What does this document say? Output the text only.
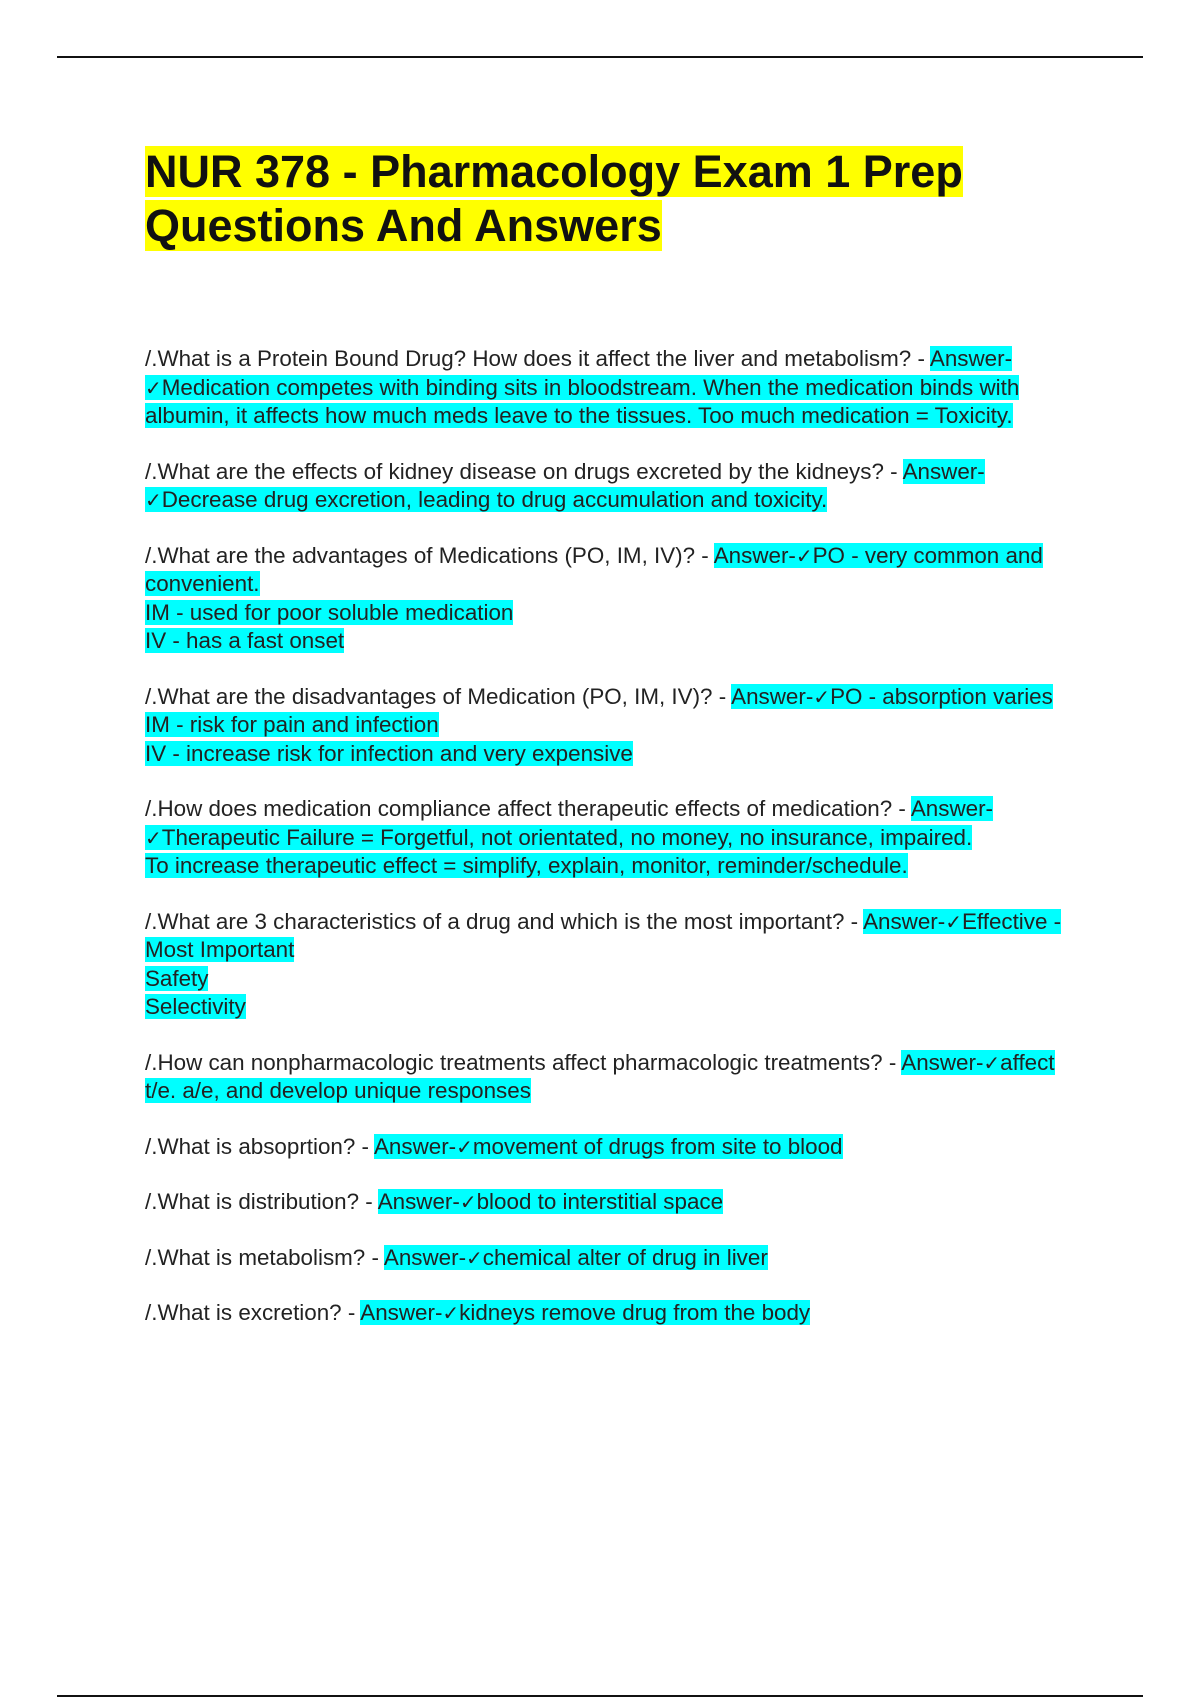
NUR 378 - Pharmacology Exam 1 Prep Questions And Answers

/.What is a Protein Bound Drug? How does it affect the liver and metabolism? - Answer-✓Medication competes with binding sits in bloodstream. When the medication binds with albumin, it affects how much meds leave to the tissues. Too much medication = Toxicity.

/.What are the effects of kidney disease on drugs excreted by the kidneys? - Answer-✓Decrease drug excretion, leading to drug accumulation and toxicity.

/.What are the advantages of Medications (PO, IM, IV)? - Answer-✓PO - very common and convenient.
IM - used for poor soluble medication
IV - has a fast onset

/.What are the disadvantages of Medication (PO, IM, IV)? - Answer-✓PO - absorption varies
IM - risk for pain and infection
IV - increase risk for infection and very expensive

/.How does medication compliance affect therapeutic effects of medication? - Answer-✓Therapeutic Failure = Forgetful, not orientated, no money, no insurance, impaired.
To increase therapeutic effect = simplify, explain, monitor, reminder/schedule.

/.What are 3 characteristics of a drug and which is the most important? - Answer-✓Effective - Most Important
Safety
Selectivity

/.How can nonpharmacologic treatments affect pharmacologic treatments? - Answer-✓affect t/e. a/e, and develop unique responses

/.What is absoprtion? - Answer-✓movement of drugs from site to blood

/.What is distribution? - Answer-✓blood to interstitial space

/.What is metabolism? - Answer-✓chemical alter of drug in liver

/.What is excretion? - Answer-✓kidneys remove drug from the body
